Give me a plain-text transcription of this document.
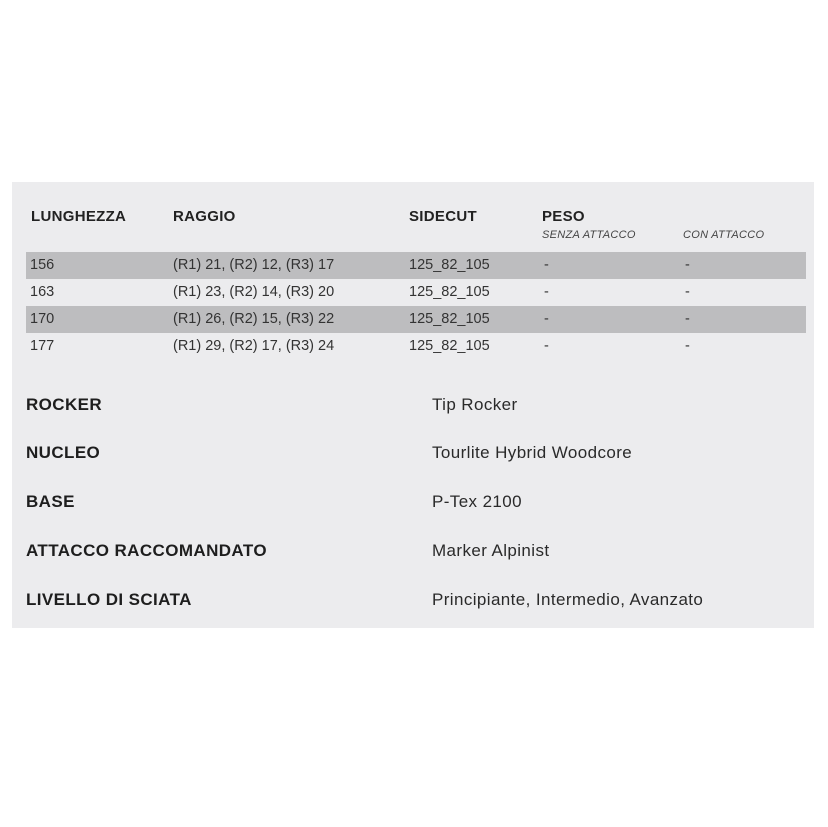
LUNGHEZZA	RAGGIO	SIDECUT	PESO
SENZA ATTACCO	CON ATTACCO
156	(R1) 21, (R2) 12, (R3) 17	125_82_105	-	-
163	(R1) 23, (R2) 14, (R3) 20	125_82_105	-	-
170	(R1) 26, (R2) 15, (R3) 22	125_82_105	-	-
177	(R1) 29, (R2) 17, (R3) 24	125_82_105	-	-
ROCKER	Tip Rocker
NUCLEO	Tourlite Hybrid Woodcore
BASE	P-Tex 2100
ATTACCO RACCOMANDATO	Marker Alpinist
LIVELLO DI SCIATA	Principiante, Intermedio, Avanzato
